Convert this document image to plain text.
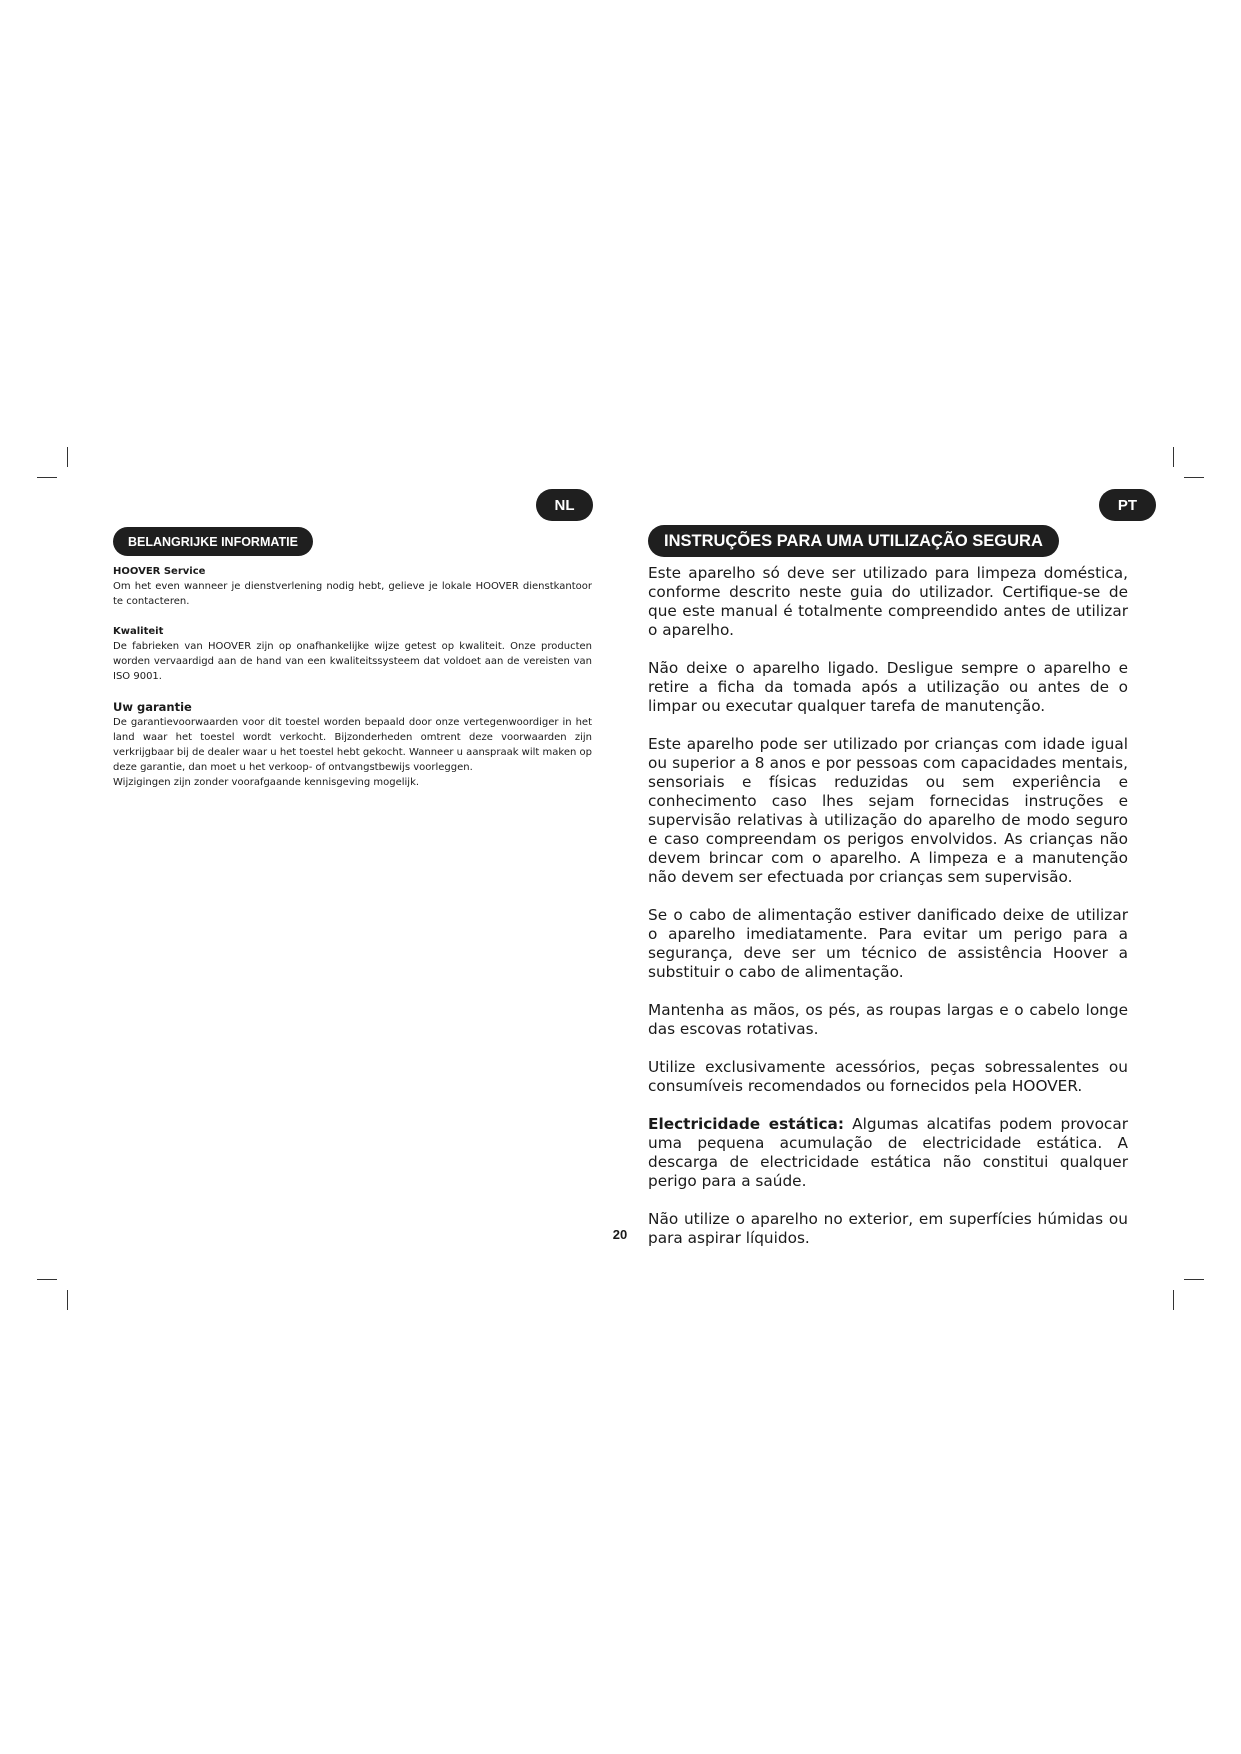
NL	PT
BELANGRIJKE INFORMATIE	INSTRUÇÕES PARA UMA UTILIZAÇÃO SEGURA

HOOVER Service

Om het even wanneer je dienstverlening nodig hebt, gelieve je lokale HOOVER dienstkantoor te contacteren.

Kwaliteit

De fabrieken van HOOVER zijn op onafhankelijke wijze getest op kwaliteit. Onze producten worden vervaardigd aan de hand van een kwaliteitssysteem dat voldoet aan de vereisten van ISO 9001.

Uw garantie

De garantievoorwaarden voor dit toestel worden bepaald door onze vertegenwoordiger in het land waar het toestel wordt verkocht. Bijzonderheden omtrent deze voorwaarden zijn verkrijgbaar bij de dealer waar u het toestel hebt gekocht. Wanneer u aanspraak wilt maken op deze garantie, dan moet u het verkoop- of ontvangstbewijs voorleggen.

Wijzigingen zijn zonder voorafgaande kennisgeving mogelijk.

Este aparelho só deve ser utilizado para limpeza doméstica, conforme descrito neste guia do utilizador. Certifique-se de que este manual é totalmente compreendido antes de utilizar o aparelho.

Não deixe o aparelho ligado. Desligue sempre o aparelho e retire a ficha da tomada após a utilização ou antes de o limpar ou executar qualquer tarefa de manutenção.

Este aparelho pode ser utilizado por crianças com idade igual ou superior a 8 anos e por pessoas com capacidades mentais, sensoriais e físicas reduzidas ou sem experiência e conhecimento caso lhes sejam fornecidas instruções e supervisão relativas à utilização do aparelho de modo seguro e caso compreendam os perigos envolvidos. As crianças não devem brincar com o aparelho. A limpeza e a manutenção não devem ser efectuada por crianças sem supervisão.

Se o cabo de alimentação estiver danificado deixe de utilizar o aparelho imediatamente. Para evitar um perigo para a segurança, deve ser um técnico de assistência Hoover a substituir o cabo de alimentação.

Mantenha as mãos, os pés, as roupas largas e o cabelo longe das escovas rotativas.

Utilize exclusivamente acessórios, peças sobressalentes ou consumíveis recomendados ou fornecidos pela HOOVER.

Electricidade estática: Algumas alcatifas podem provocar uma pequena acumulação de electricidade estática. A descarga de electricidade estática não constitui qualquer perigo para a saúde.

Não utilize o aparelho no exterior, em superfícies húmidas ou para aspirar líquidos.

20
